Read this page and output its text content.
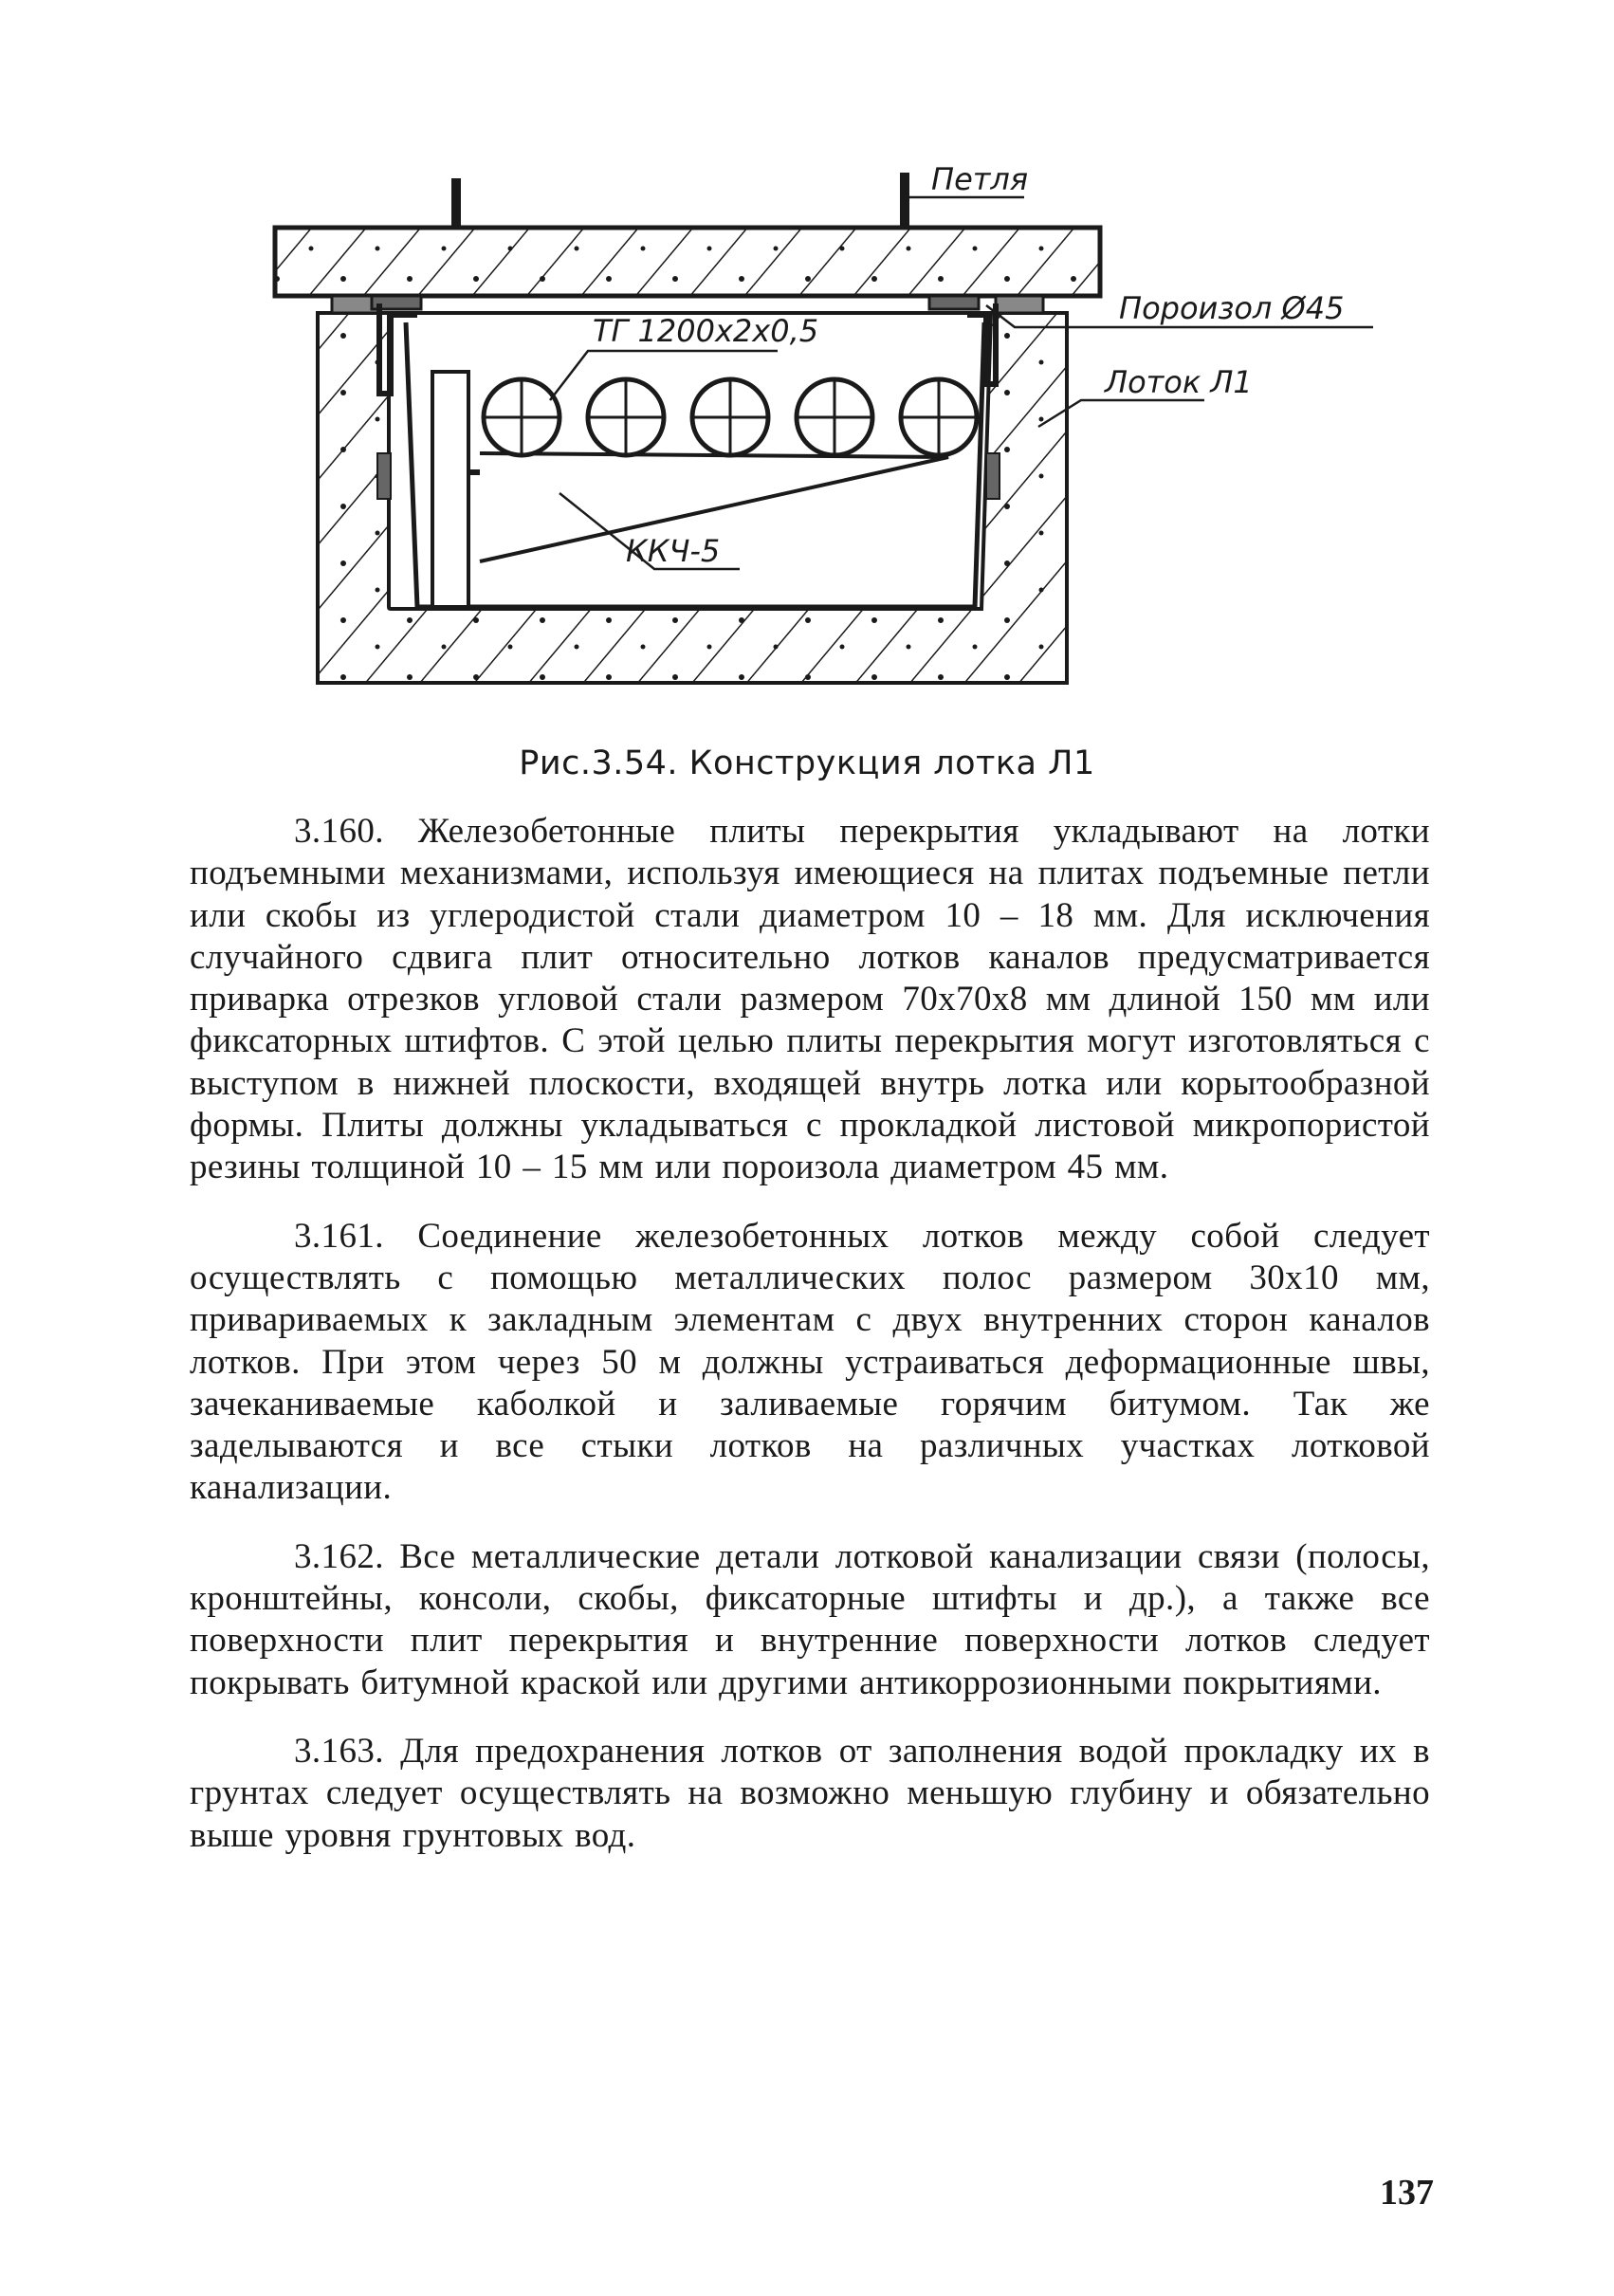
Петля
Пороизол Ø45
Лоток Л1
ТГ 1200х2х0,5
ККЧ-5
Рис.3.54. Конструкция лотка Л1

3.160. Железобетонные плиты перекрытия укладывают на лотки подъемными механизмами, используя имеющиеся на плитах подъемные петли или скобы из углеродистой стали диаметром 10 – 18 мм. Для исключения случайного сдвига плит относительно лотков каналов предусматривается приварка отрезков угловой стали размером 70х70х8 мм длиной 150 мм или фиксаторных штифтов. С этой целью плиты перекрытия могут изготовляться с выступом в нижней плоскости, входящей внутрь лотка или корытообразной формы. Плиты должны укладываться с прокладкой листовой микропористой резины толщиной 10 – 15 мм или пороизола диаметром 45 мм.

3.161. Соединение железобетонных лотков между собой следует осуществлять с помощью металлических полос размером 30х10 мм, привариваемых к закладным элементам с двух внутренних сторон каналов лотков. При этом через 50 м должны устраиваться деформационные швы, зачеканиваемые каболкой и заливаемые горячим битумом. Так же заделываются и все стыки лотков на различных участках лотковой канализации.

3.162. Все металлические детали лотковой канализации связи (полосы, кронштейны, консоли, скобы, фиксаторные штифты и др.), а также все поверхности плит перекрытия и внутренние поверхности лотков следует покрывать битумной краской или другими антикоррозионными покрытиями.

3.163. Для предохранения лотков от заполнения водой прокладку их в грунтах следует осуществлять на возможно меньшую глубину и обязательно выше уровня грунтовых вод.

137
